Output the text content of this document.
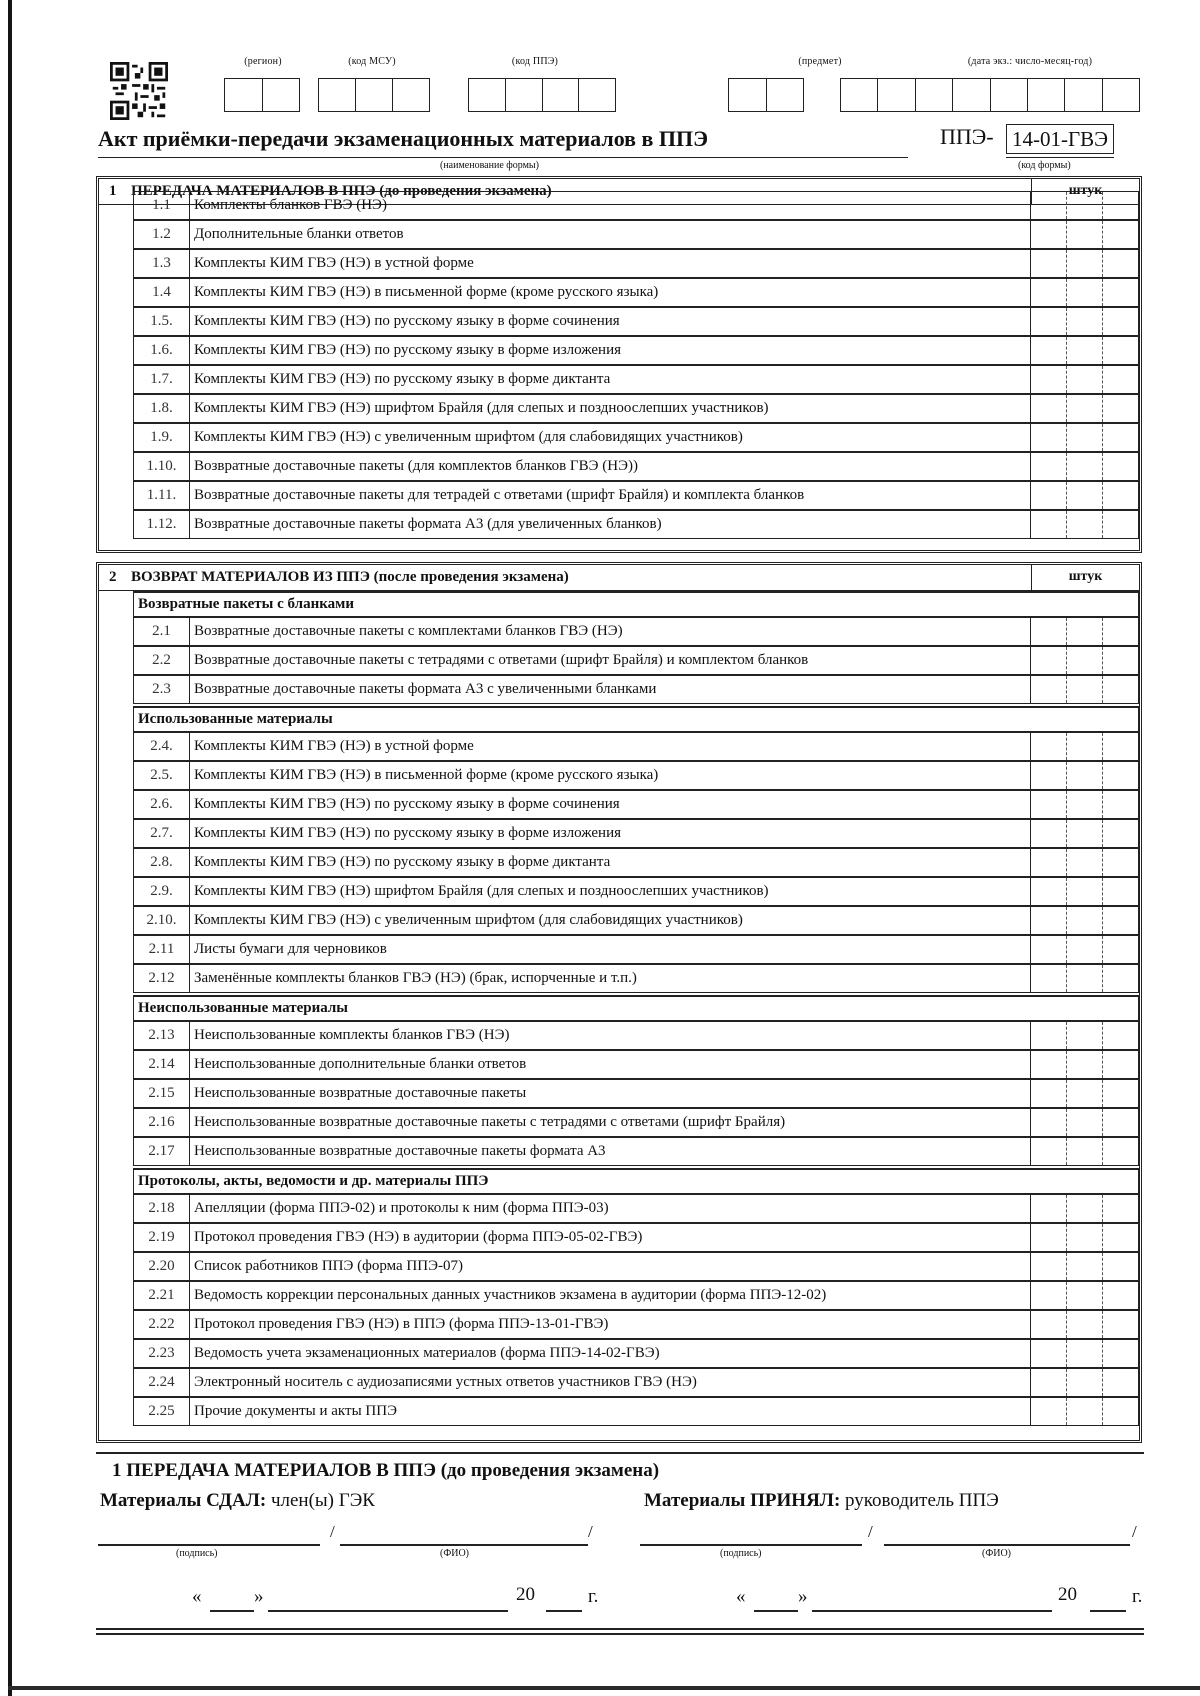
(регион)	(код МСУ)	(код ППЭ)	(предмет)	(дата экз.: число-месяц-год)
Акт приёмки-передачи экзаменационных материалов в ППЭ
(наименование формы)
ППЭ- 14-01-ГВЭ
(код формы)
1 ПЕРЕДАЧА МАТЕРИАЛОВ В ППЭ (до проведения экзамена)	штук
1.1	Комплекты бланков ГВЭ (НЭ)
1.2	Дополнительные бланки ответов
1.3	Комплекты КИМ ГВЭ (НЭ) в устной форме
1.4	Комплекты КИМ ГВЭ (НЭ) в письменной форме (кроме русского языка)
1.5.	Комплекты КИМ ГВЭ (НЭ) по русскому языку в форме сочинения
1.6.	Комплекты КИМ ГВЭ (НЭ) по русскому языку в форме изложения
1.7.	Комплекты КИМ ГВЭ (НЭ) по русскому языку в форме диктанта
1.8.	Комплекты КИМ ГВЭ (НЭ) шрифтом Брайля (для слепых и поздноослепших участников)
1.9.	Комплекты КИМ ГВЭ (НЭ) с увеличенным шрифтом (для слабовидящих участников)
1.10.	Возвратные доставочные пакеты (для комплектов бланков ГВЭ (НЭ))
1.11.	Возвратные доставочные пакеты для тетрадей с ответами (шрифт Брайля) и комплекта бланков
1.12.	Возвратные доставочные пакеты формата А3 (для увеличенных бланков)
2 ВОЗВРАТ МАТЕРИАЛОВ ИЗ ППЭ (после проведения экзамена)	штук
Возвратные пакеты с бланками
2.1	Возвратные доставочные пакеты с комплектами бланков ГВЭ (НЭ)
2.2	Возвратные доставочные пакеты с тетрадями с ответами (шрифт Брайля) и комплектом бланков
2.3	Возвратные доставочные пакеты формата А3 с увеличенными бланками
Использованные материалы
2.4.	Комплекты КИМ ГВЭ (НЭ) в устной форме
2.5.	Комплекты КИМ ГВЭ (НЭ) в письменной форме (кроме русского языка)
2.6.	Комплекты КИМ ГВЭ (НЭ) по русскому языку в форме сочинения
2.7.	Комплекты КИМ ГВЭ (НЭ) по русскому языку в форме изложения
2.8.	Комплекты КИМ ГВЭ (НЭ) по русскому языку в форме диктанта
2.9.	Комплекты КИМ ГВЭ (НЭ) шрифтом Брайля (для слепых и поздноослепших участников)
2.10.	Комплекты КИМ ГВЭ (НЭ) с увеличенным шрифтом (для слабовидящих участников)
2.11	Листы бумаги для черновиков
2.12	Заменённые комплекты бланков ГВЭ (НЭ) (брак, испорченные и т.п.)
Неиспользованные материалы
2.13	Неиспользованные комплекты бланков ГВЭ (НЭ)
2.14	Неиспользованные дополнительные бланки ответов
2.15	Неиспользованные возвратные доставочные пакеты
2.16	Неиспользованные возвратные доставочные пакеты с тетрадями с ответами (шрифт Брайля)
2.17	Неиспользованные возвратные доставочные пакеты формата А3
Протоколы, акты, ведомости и др. материалы ППЭ
2.18	Апелляции (форма ППЭ-02) и протоколы к ним (форма ППЭ-03)
2.19	Протокол проведения ГВЭ (НЭ) в аудитории (форма ППЭ-05-02-ГВЭ)
2.20	Список работников ППЭ (форма ППЭ-07)
2.21	Ведомость коррекции персональных данных участников экзамена в аудитории (форма ППЭ-12-02)
2.22	Протокол проведения ГВЭ (НЭ) в ППЭ (форма ППЭ-13-01-ГВЭ)
2.23	Ведомость учета экзаменационных материалов (форма ППЭ-14-02-ГВЭ)
2.24	Электронный носитель с аудиозаписями устных ответов участников ГВЭ (НЭ)
2.25	Прочие документы и акты ППЭ
1 ПЕРЕДАЧА МАТЕРИАЛОВ В ППЭ (до проведения экзамена)
Материалы СДАЛ: член(ы) ГЭК	Материалы ПРИНЯЛ: руководитель ППЭ
/	/
(подпись)	(ФИО)
/	/
(подпись)	(ФИО)
«	»	20	г.	«	»	20	г.
